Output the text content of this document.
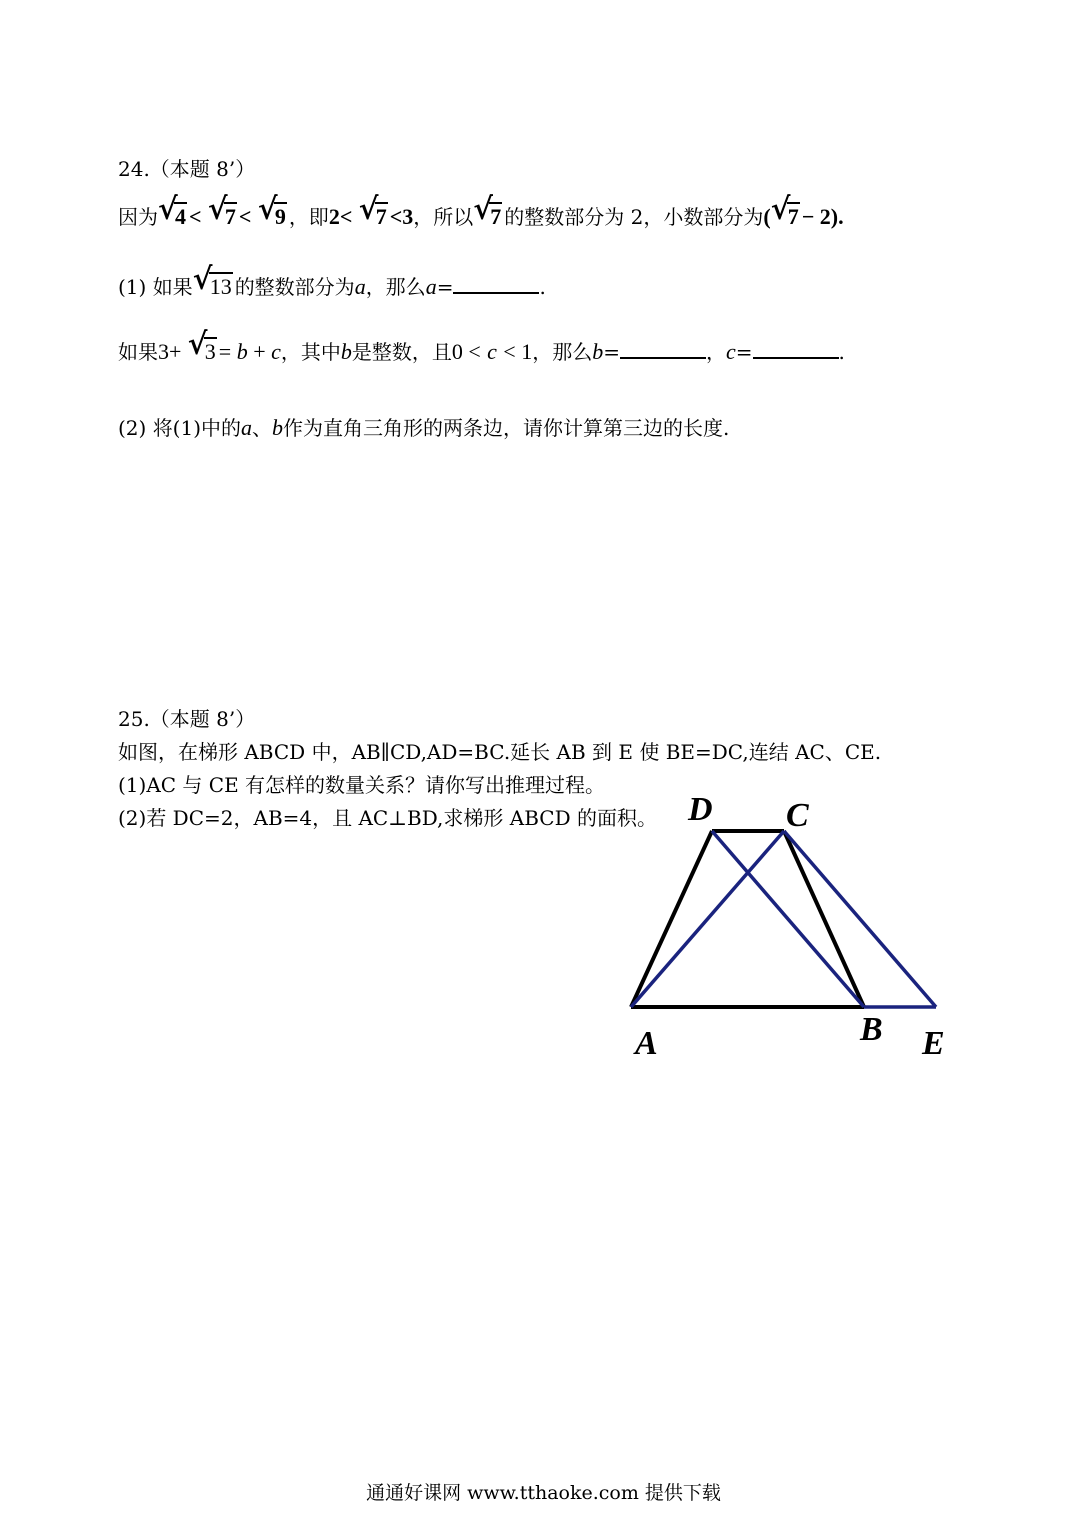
24.（本题 8’）
因为 √ 4 < √ 7 < √ 9 ，即2< √ 7 <3，所以 √ 7 的整数部分为 2，小数部分为( √ 7 − 2).
(1) 如果 √ 13 的整数部分为a，那么a=	.
如果3+ √ 3 = b + c，其中b是整数，且0 < c < 1，那么b=	，c=	.
(2) 将(1)中的a、b作为直角三角形的两条边，请你计算第三边的长度.
25.（本题 8’）
如图，在梯形 ABCD 中，AB∥CD,AD=BC.延长 AB 到 E 使 BE=DC,连结 AC、CE.
(1)AC 与 CE 有怎样的数量关系？请你写出推理过程。
(2)若 DC=2，AB=4，且 AC⊥BD,求梯形 ABCD 的面积。 D C
A	B E
通通好课网 www.tthaoke.com 提供下载
